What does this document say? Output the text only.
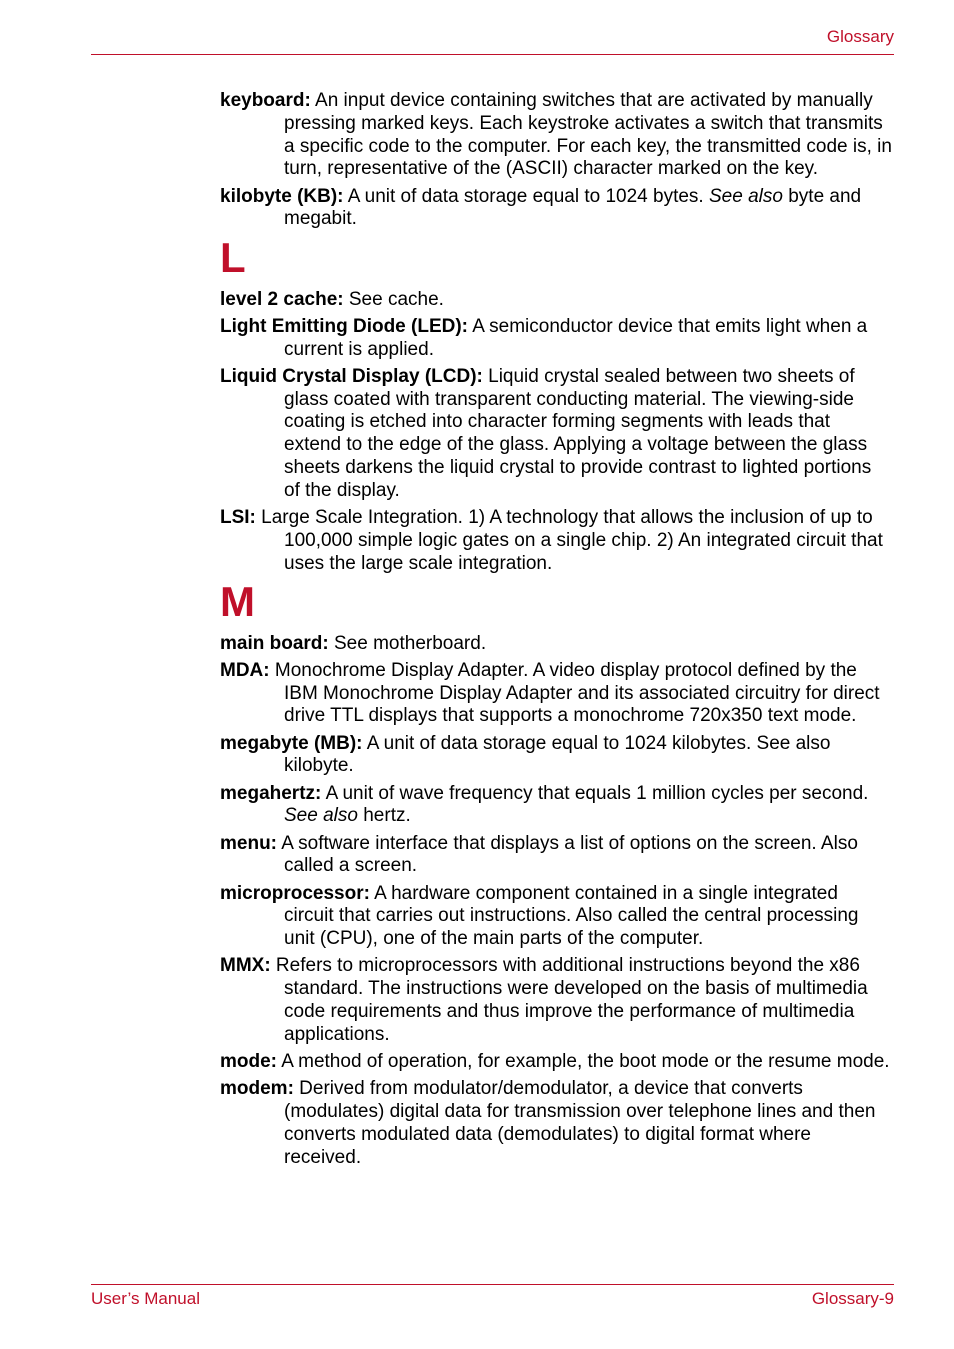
Glossary

keyboard: An input device containing switches that are activated by manually pressing marked keys. Each keystroke activates a switch that transmits a specific code to the computer. For each key, the transmitted code is, in turn, representative of the (ASCII) character marked on the key.

kilobyte (KB): A unit of data storage equal to 1024 bytes. See also byte and megabit.

L

level 2 cache: See cache.

Light Emitting Diode (LED): A semiconductor device that emits light when a current is applied.

Liquid Crystal Display (LCD): Liquid crystal sealed between two sheets of glass coated with transparent conducting material. The viewing-side coating is etched into character forming segments with leads that extend to the edge of the glass. Applying a voltage between the glass sheets darkens the liquid crystal to provide contrast to lighted portions of the display.

LSI: Large Scale Integration. 1) A technology that allows the inclusion of up to 100,000 simple logic gates on a single chip. 2) An integrated circuit that uses the large scale integration.

M

main board: See motherboard.

MDA: Monochrome Display Adapter. A video display protocol defined by the IBM Monochrome Display Adapter and its associated circuitry for direct drive TTL displays that supports a monochrome 720x350 text mode.

megabyte (MB): A unit of data storage equal to 1024 kilobytes. See also kilobyte.

megahertz: A unit of wave frequency that equals 1 million cycles per second. See also hertz.

menu: A software interface that displays a list of options on the screen. Also called a screen.

microprocessor: A hardware component contained in a single integrated circuit that carries out instructions. Also called the central processing unit (CPU), one of the main parts of the computer.

MMX: Refers to microprocessors with additional instructions beyond the x86 standard. The instructions were developed on the basis of multimedia code requirements and thus improve the performance of multimedia applications.

mode: A method of operation, for example, the boot mode or the resume mode.

modem: Derived from modulator/demodulator, a device that converts (modulates) digital data for transmission over telephone lines and then converts modulated data (demodulates) to digital format where received.

User’s Manual	Glossary-9
